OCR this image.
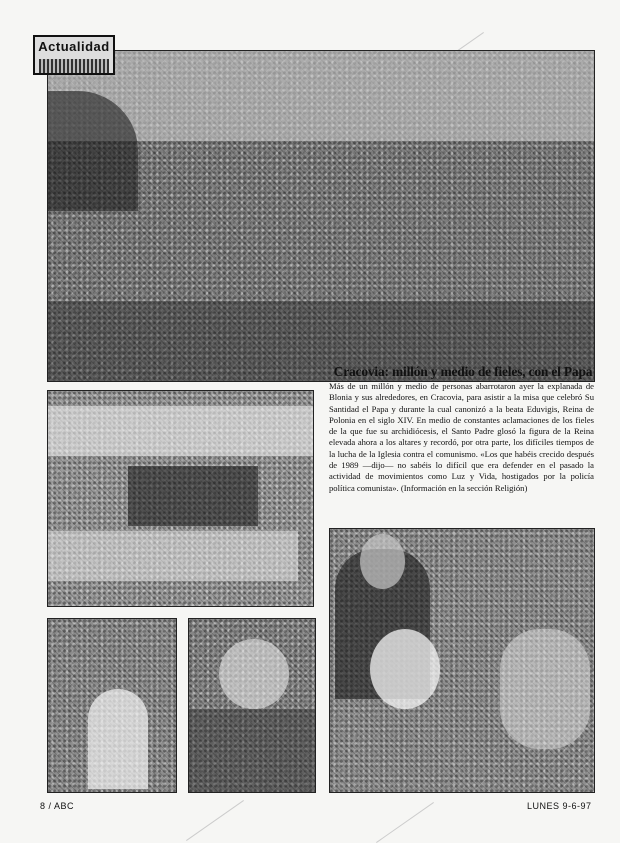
Actualidad
Cracovia: millón y medio de fieles, con el Papa
Más de un millón y medio de personas abarrotaron ayer la explanada de Blonia y sus alrededores, en Cracovia, para asistir a la misa que celebró Su Santidad el Papa y durante la cual canonizó a la beata Eduvigis, Reina de Polonia en el siglo XIV. En medio de constantes aclamaciones de los fieles de la que fue su archidiócesis, el Santo Padre glosó la figura de la Reina elevada ahora a los altares y recordó, por otra parte, los difíciles tiempos de la lucha de la Iglesia contra el comunismo. «Los que habéis crecido después de 1989 —dijo— no sabéis lo difícil que era defender en el pasado la actividad de movimientos como Luz y Vida, hostigados por la policía política comunista». (Información en la sección Religión)
8 / ABC	LUNES 9-6-97
